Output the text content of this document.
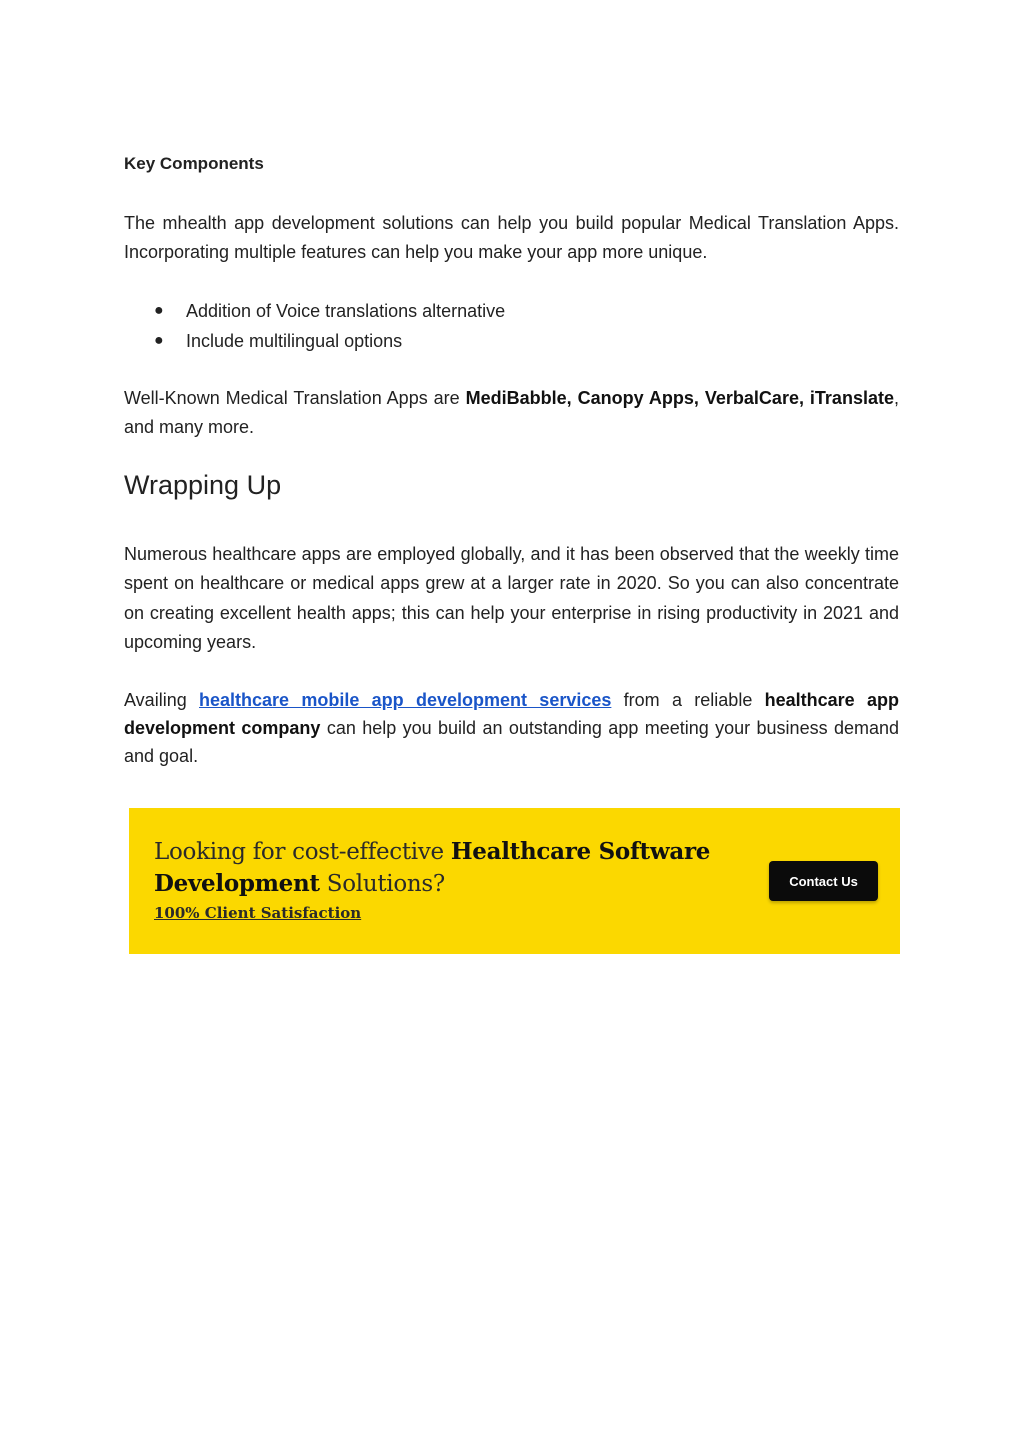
Key Components

The mhealth app development solutions can help you build popular Medical Translation Apps. Incorporating multiple features can help you make your app more unique.

● Addition of Voice translations alternative
● Include multilingual options

Well-Known Medical Translation Apps are MediBabble, Canopy Apps, VerbalCare, iTranslate, and many more.

Wrapping Up

Numerous healthcare apps are employed globally, and it has been observed that the weekly time spent on healthcare or medical apps grew at a larger rate in 2020. So you can also concentrate on creating excellent health apps; this can help your enterprise in rising productivity in 2021 and upcoming years.

Availing healthcare mobile app development services from a reliable healthcare app development company can help you build an outstanding app meeting your business demand and goal.

Looking for cost-effective Healthcare Software
Development Solutions?
100% Client Satisfaction
Contact Us
